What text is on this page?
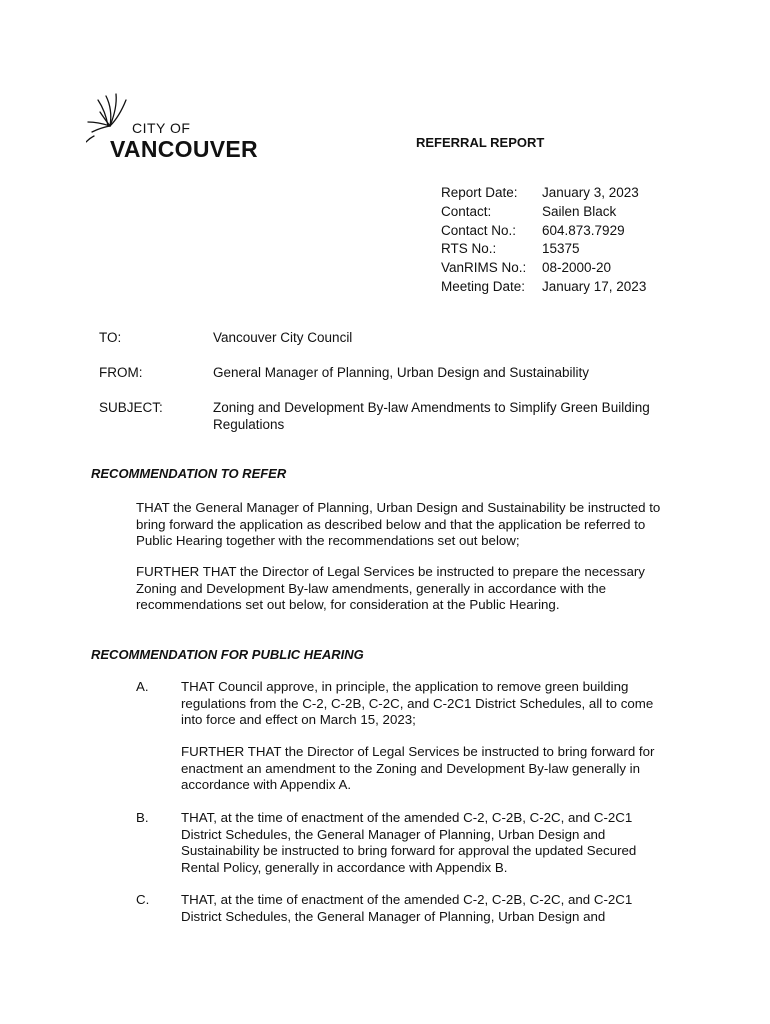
CITY OF
VANCOUVER	REFERRAL REPORT
Report Date:	January 3, 2023
Contact:	Sailen Black
Contact No.:	604.873.7929
RTS No.:	15375
VanRIMS No.:	08-2000-20
Meeting Date:	January 17, 2023
TO:	Vancouver City Council
FROM:	General Manager of Planning, Urban Design and Sustainability
SUBJECT:	Zoning and Development By-law Amendments to Simplify Green Building Regulations
RECOMMENDATION TO REFER
THAT the General Manager of Planning, Urban Design and Sustainability be instructed to bring forward the application as described below and that the application be referred to Public Hearing together with the recommendations set out below;
FURTHER THAT the Director of Legal Services be instructed to prepare the necessary Zoning and Development By-law amendments, generally in accordance with the recommendations set out below, for consideration at the Public Hearing.
RECOMMENDATION FOR PUBLIC HEARING
A. THAT Council approve, in principle, the application to remove green building regulations from the C-2, C-2B, C-2C, and C-2C1 District Schedules, all to come into force and effect on March 15, 2023;
FURTHER THAT the Director of Legal Services be instructed to bring forward for enactment an amendment to the Zoning and Development By-law generally in accordance with Appendix A.
B. THAT, at the time of enactment of the amended C-2, C-2B, C-2C, and C-2C1 District Schedules, the General Manager of Planning, Urban Design and Sustainability be instructed to bring forward for approval the updated Secured Rental Policy, generally in accordance with Appendix B.
C. THAT, at the time of enactment of the amended C-2, C-2B, C-2C, and C-2C1 District Schedules, the General Manager of Planning, Urban Design and
